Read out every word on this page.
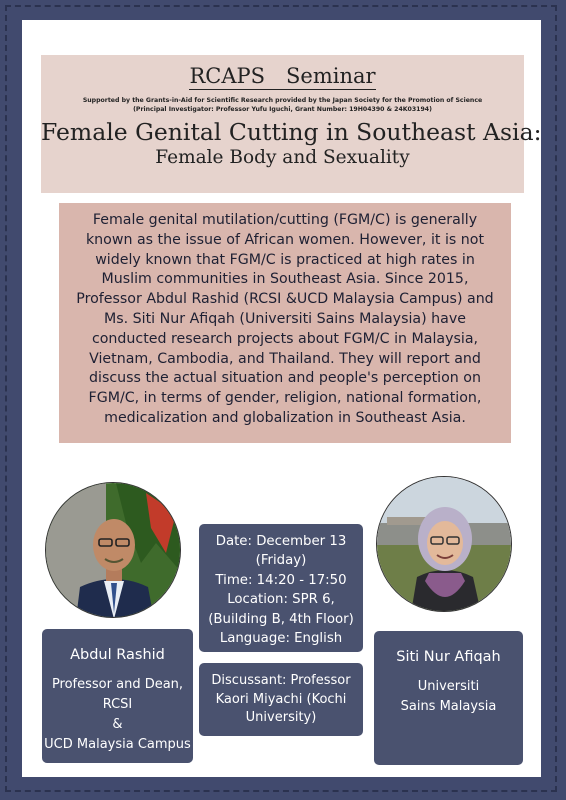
RCAPS　Seminar
Supported by the Grants-in-Aid for Scientific Research provided by the Japan Society for the Promotion of Science
(Principal Investigator: Professor Yufu Iguchi, Grant Number: 19H04390 & 24K03194)
Female Genital Cutting in Southeast Asia:
Female Body and Sexuality
Female genital mutilation/cutting (FGM/C) is generally
known as the issue of African women. However, it is not
widely known that FGM/C is practiced at high rates in
Muslim communities in Southeast Asia. Since 2015,
Professor Abdul Rashid (RCSI &UCD Malaysia Campus) and
Ms. Siti Nur Afiqah (Universiti Sains Malaysia) have
conducted research projects about FGM/C in Malaysia,
Vietnam, Cambodia, and Thailand. They will report and
discuss the actual situation and people's perception on
FGM/C, in terms of gender, religion, national formation,
medicalization and globalization in Southeast Asia.
Date: December 13
(Friday)
Time: 14:20 - 17:50
Location: SPR 6,
(Building B, 4th Floor)
Language: English
Discussant: Professor
Kaori Miyachi (Kochi
University)
Abdul Rashid
Professor and Dean,
RCSI
&
UCD Malaysia Campus
Siti Nur Afiqah
Universiti
Sains Malaysia
